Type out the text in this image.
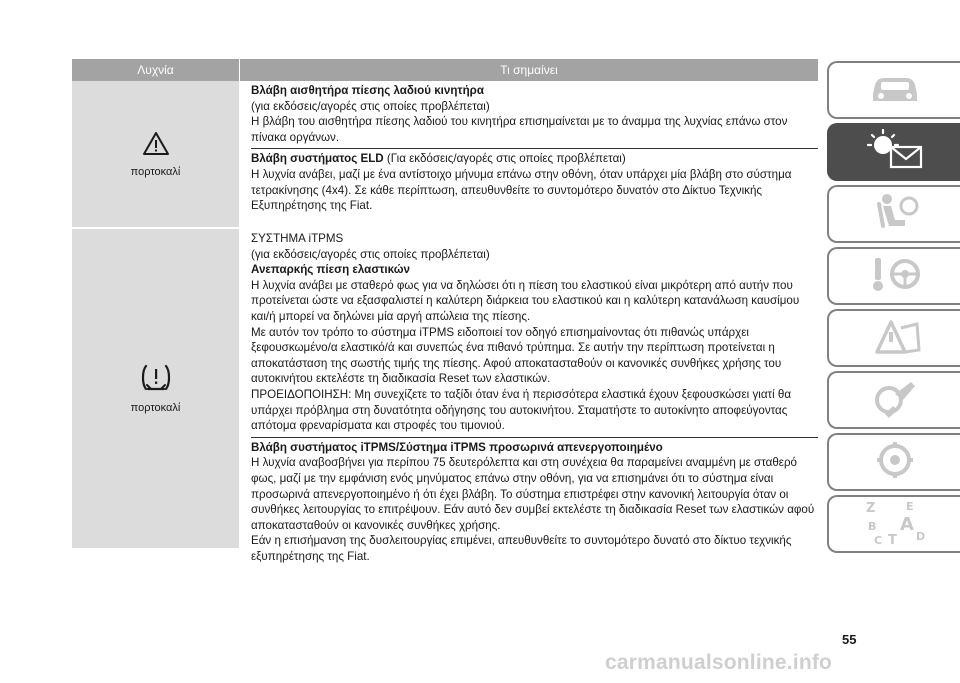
Λυχνία	Τι σημαίνει
πορτοκαλί
Βλάβη αισθητήρα πίεσης λαδιού κινητήρα
(για εκδόσεις/αγορές στις οποίες προβλέπεται)
Η βλάβη του αισθητήρα πίεσης λαδιού του κινητήρα επισημαίνεται με το άναμμα της λυχνίας επάνω στον πίνακα οργάνων.
Βλάβη συστήματος ELD (Για εκδόσεις/αγορές στις οποίες προβλέπεται)
Η λυχνία ανάβει, μαζί με ένα αντίστοιχο μήνυμα επάνω στην οθόνη, όταν υπάρχει μία βλάβη στο σύστημα τετρακίνησης (4x4). Σε κάθε περίπτωση, απευθυνθείτε το συντομότερο δυνατόν στο Δίκτυο Τεχνικής Εξυπηρέτησης της Fiat.
πορτοκαλί
ΣΥΣΤΗΜΑ iTPMS
(για εκδόσεις/αγορές στις οποίες προβλέπεται)
Ανεπαρκής πίεση ελαστικών
Η λυχνία ανάβει με σταθερό φως για να δηλώσει ότι η πίεση του ελαστικού είναι μικρότερη από αυτήν που προτείνεται ώστε να εξασφαλιστεί η καλύτερη διάρκεια του ελαστικού και η καλύτερη κατανάλωση καυσίμου και/ή μπορεί να δηλώνει μία αργή απώλεια της πίεσης.
Με αυτόν τον τρόπο το σύστημα iTPMS ειδοποιεί τον οδηγό επισημαίνοντας ότι πιθανώς υπάρχει ξεφουσκωμένο/α ελαστικό/ά και συνεπώς ένα πιθανό τρύπημα. Σε αυτήν την περίπτωση προτείνεται η αποκατάσταση της σωστής τιμής της πίεσης. Αφού αποκατασταθούν οι κανονικές συνθήκες χρήσης του αυτοκινήτου εκτελέστε τη διαδικασία Reset των ελαστικών.
ΠΡΟΕΙΔΟΠΟΙΗΣΗ: Μη συνεχίζετε το ταξίδι όταν ένα ή περισσότερα ελαστικά έχουν ξεφουσκώσει γιατί θα υπάρχει πρόβλημα στη δυνατότητα οδήγησης του αυτοκινήτου. Σταματήστε το αυτοκίνητο αποφεύγοντας απότομα φρεναρίσματα και στροφές του τιμονιού.
Βλάβη συστήματος iTPMS/Σύστημα iTPMS προσωρινά απενεργοποιημένο
Η λυχνία αναβοσβήνει για περίπου 75 δευτερόλεπτα και στη συνέχεια θα παραμείνει αναμμένη με σταθερό φως, μαζί με την εμφάνιση ενός μηνύματος επάνω στην οθόνη, για να επισημάνει ότι το σύστημα είναι προσωρινά απενεργοποιημένο ή ότι έχει βλάβη. Το σύστημα επιστρέφει στην κανονική λειτουργία όταν οι συνθήκες λειτουργίας το επιτρέψουν. Εάν αυτό δεν συμβεί εκτελέστε τη διαδικασία Reset των ελαστικών αφού αποκατασταθούν οι κανονικές συνθήκες χρήσης.
Εάν η επισήμανση της δυσλειτουργίας επιμένει, απευθυνθείτε το συντομότερο δυνατό στο δίκτυο τεχνικής εξυπηρέτησης της Fiat.
Z	E
B A
C T D
55
carmanualsonline.info
